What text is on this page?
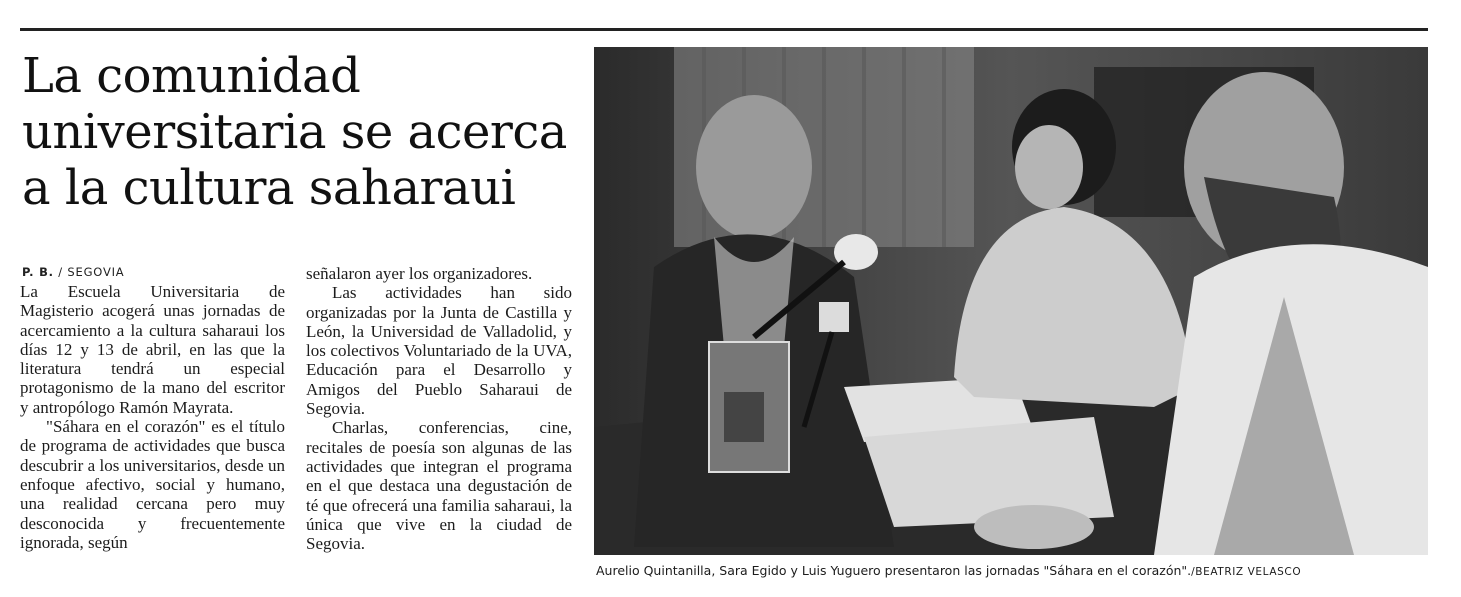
La comunidad
universitaria se acerca
a la cultura saharaui
P. B. / SEGOVIA

La Escuela Universitaria de Magisterio acogerá unas jornadas de acercamiento a la cultura saharaui los días 12 y 13 de abril, en las que la literatura tendrá un especial protagonismo de la mano del escritor y antropólogo Ramón Mayrata.

"Sáhara en el corazón" es el título de programa de actividades que busca descubrir a los universitarios, desde un enfoque afectivo, social y humano, una realidad cercana pero muy desconocida y frecuentemente ignorada, según

señalaron ayer los organizadores.

Las actividades han sido organizadas por la Junta de Castilla y León, la Universidad de Valladolid, y los colectivos Voluntariado de la UVA, Educación para el Desarrollo y Amigos del Pueblo Saharaui de Segovia.

Charlas, conferencias, cine, recitales de poesía son algunas de las actividades que integran el programa en el que destaca una degustación de té que ofrecerá una familia saharaui, la única que vive en la ciudad de Segovia.

Aurelio Quintanilla, Sara Egido y Luis Yuguero presentaron las jornadas "Sáhara en el corazón"./BEATRIZ VELASCO
